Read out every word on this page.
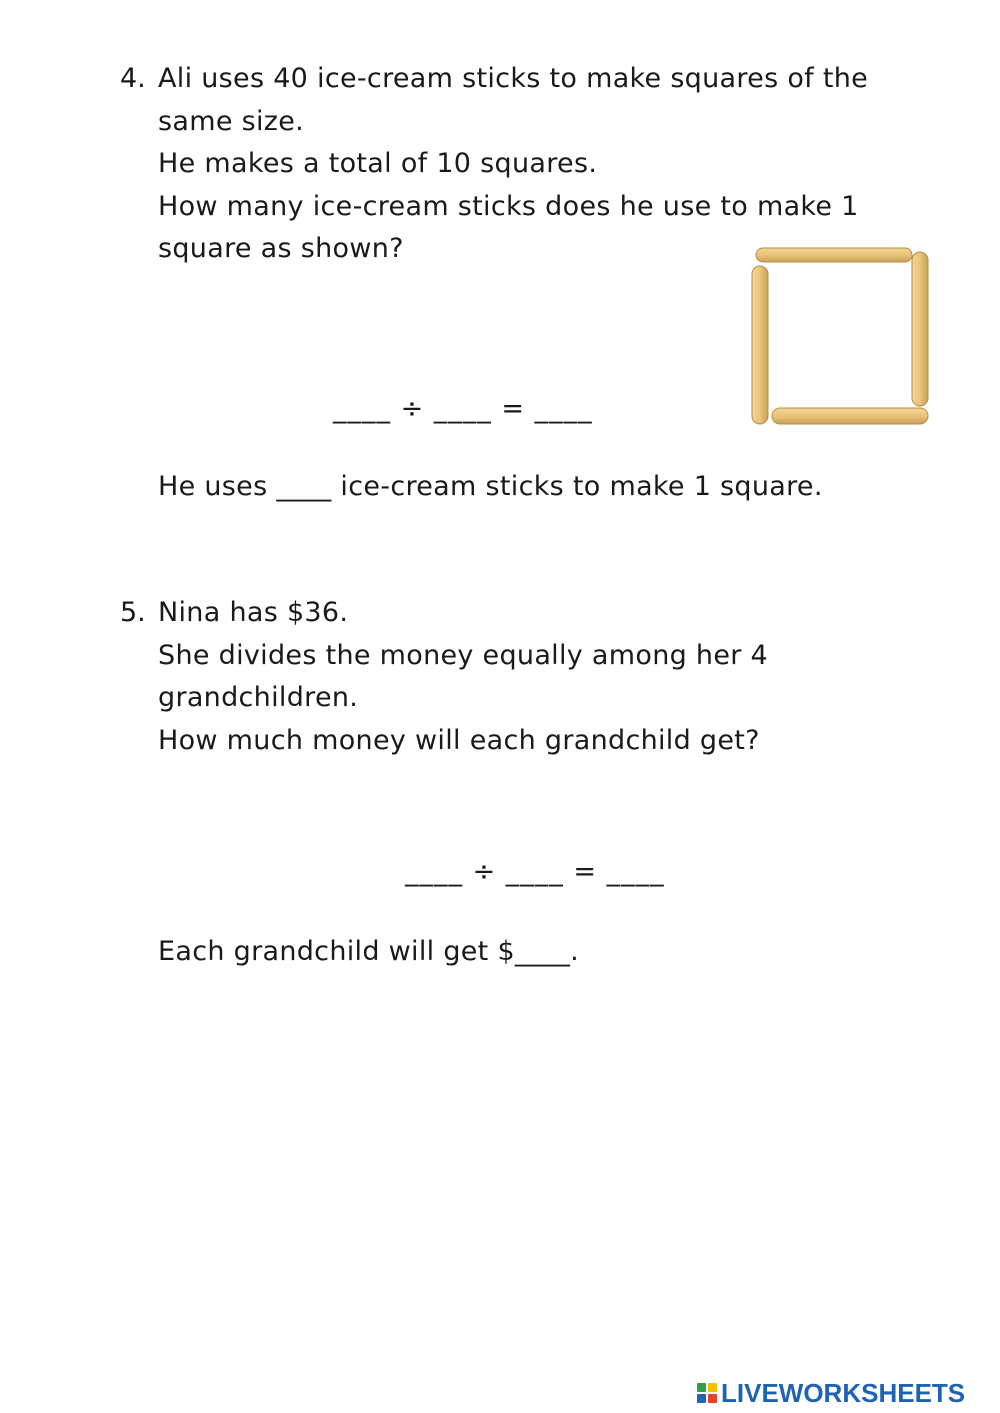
4. Ali uses 40 ice-cream sticks to make squares of the
same size.
He makes a total of 10 squares.
How many ice-cream sticks does he use to make 1
square as shown?
____ ÷ ____ = ____
He uses ____ ice-cream sticks to make 1 square.
5. Nina has $36.
She divides the money equally among her 4
grandchildren.
How much money will each grandchild get?
____ ÷ ____ = ____
Each grandchild will get $____.
LIVEWORKSHEETS
